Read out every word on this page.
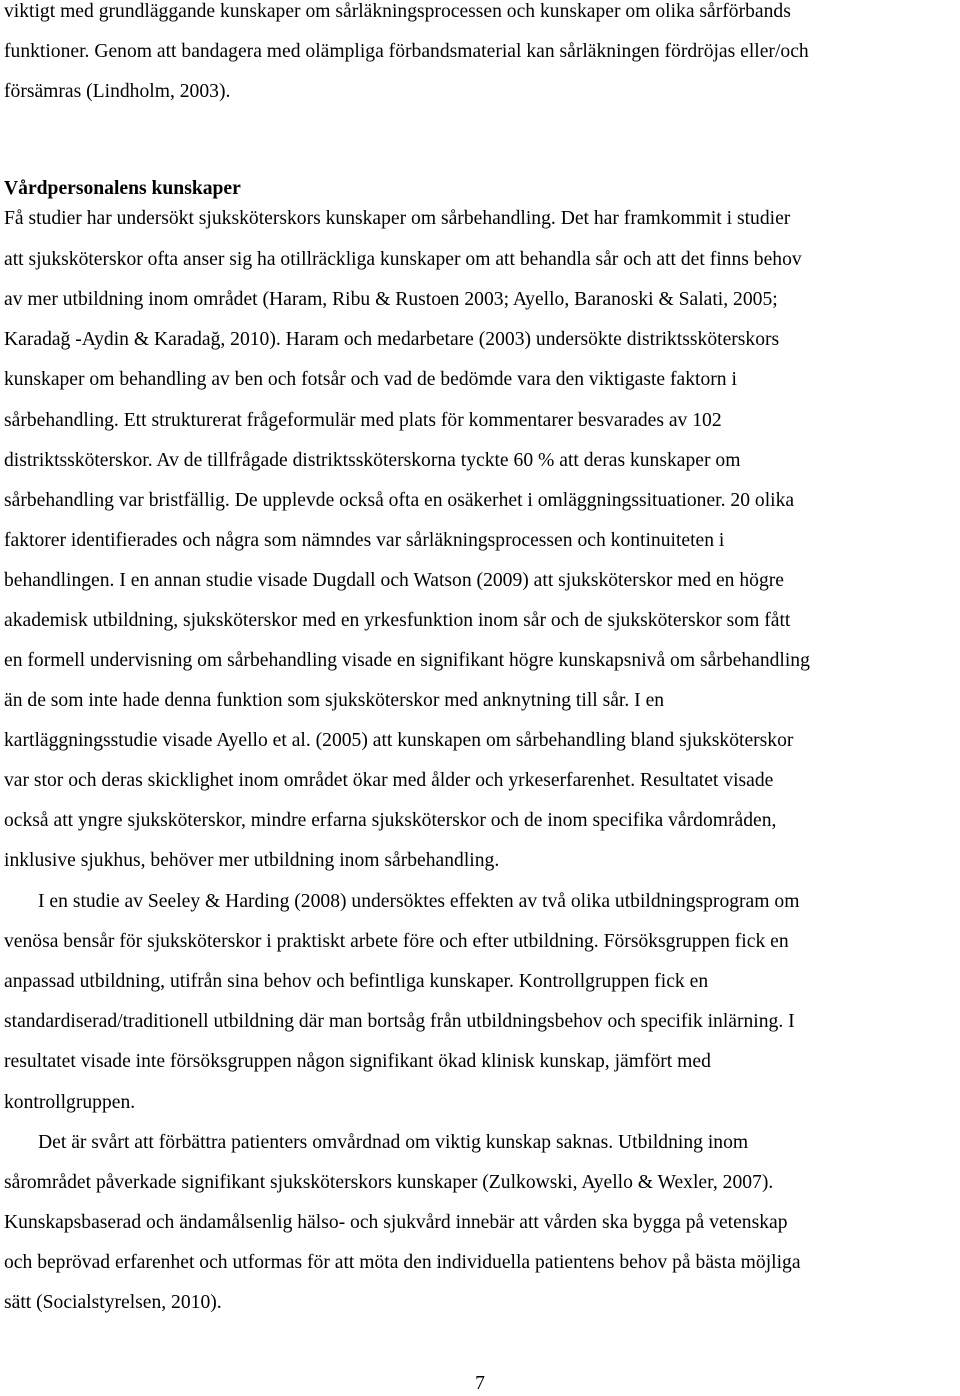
viktigt med grundläggande kunskaper om sårläkningsprocessen och kunskaper om olika sårförbands
funktioner. Genom att bandagera med olämpliga förbandsmaterial kan sårläkningen fördröjas eller/och
försämras (Lindholm, 2003).
Vårdpersonalens kunskaper
Få studier har undersökt sjuksköterskors kunskaper om sårbehandling. Det har framkommit i studier
att sjuksköterskor ofta anser sig ha otillräckliga kunskaper om att behandla sår och att det finns behov
av mer utbildning inom området (Haram, Ribu & Rustoen 2003; Ayello, Baranoski & Salati, 2005;
Karadağ -Aydin & Karadağ, 2010). Haram och medarbetare (2003) undersökte distriktssköterskors
kunskaper om behandling av ben och fotsår och vad de bedömde vara den viktigaste faktorn i
sårbehandling. Ett strukturerat frågeformulär med plats för kommentarer besvarades av 102
distriktssköterskor. Av de tillfrågade distriktssköterskorna tyckte 60 % att deras kunskaper om
sårbehandling var bristfällig. De upplevde också ofta en osäkerhet i omläggningssituationer. 20 olika
faktorer identifierades och några som nämndes var sårläkningsprocessen och kontinuiteten i
behandlingen. I en annan studie visade Dugdall och Watson (2009) att sjuksköterskor med en högre
akademisk utbildning, sjuksköterskor med en yrkesfunktion inom sår och de sjuksköterskor som fått
en formell undervisning om sårbehandling visade en signifikant högre kunskapsnivå om sårbehandling
än de som inte hade denna funktion som sjuksköterskor med anknytning till sår. I en
kartläggningsstudie visade Ayello et al. (2005) att kunskapen om sårbehandling bland sjuksköterskor
var stor och deras skicklighet inom området ökar med ålder och yrkeserfarenhet. Resultatet visade
också att yngre sjuksköterskor, mindre erfarna sjuksköterskor och de inom specifika vårdområden,
inklusive sjukhus, behöver mer utbildning inom sårbehandling.
I en studie av Seeley & Harding (2008) undersöktes effekten av två olika utbildningsprogram om
venösa bensår för sjuksköterskor i praktiskt arbete före och efter utbildning. Försöksgruppen fick en
anpassad utbildning, utifrån sina behov och befintliga kunskaper. Kontrollgruppen fick en
standardiserad/traditionell utbildning där man bortsåg från utbildningsbehov och specifik inlärning. I
resultatet visade inte försöksgruppen någon signifikant ökad klinisk kunskap, jämfört med
kontrollgruppen.
Det är svårt att förbättra patienters omvårdnad om viktig kunskap saknas. Utbildning inom
sårområdet påverkade signifikant sjuksköterskors kunskaper (Zulkowski, Ayello & Wexler, 2007).
Kunskapsbaserad och ändamålsenlig hälso- och sjukvård innebär att vården ska bygga på vetenskap
och beprövad erfarenhet och utformas för att möta den individuella patientens behov på bästa möjliga
sätt (Socialstyrelsen, 2010).
7
